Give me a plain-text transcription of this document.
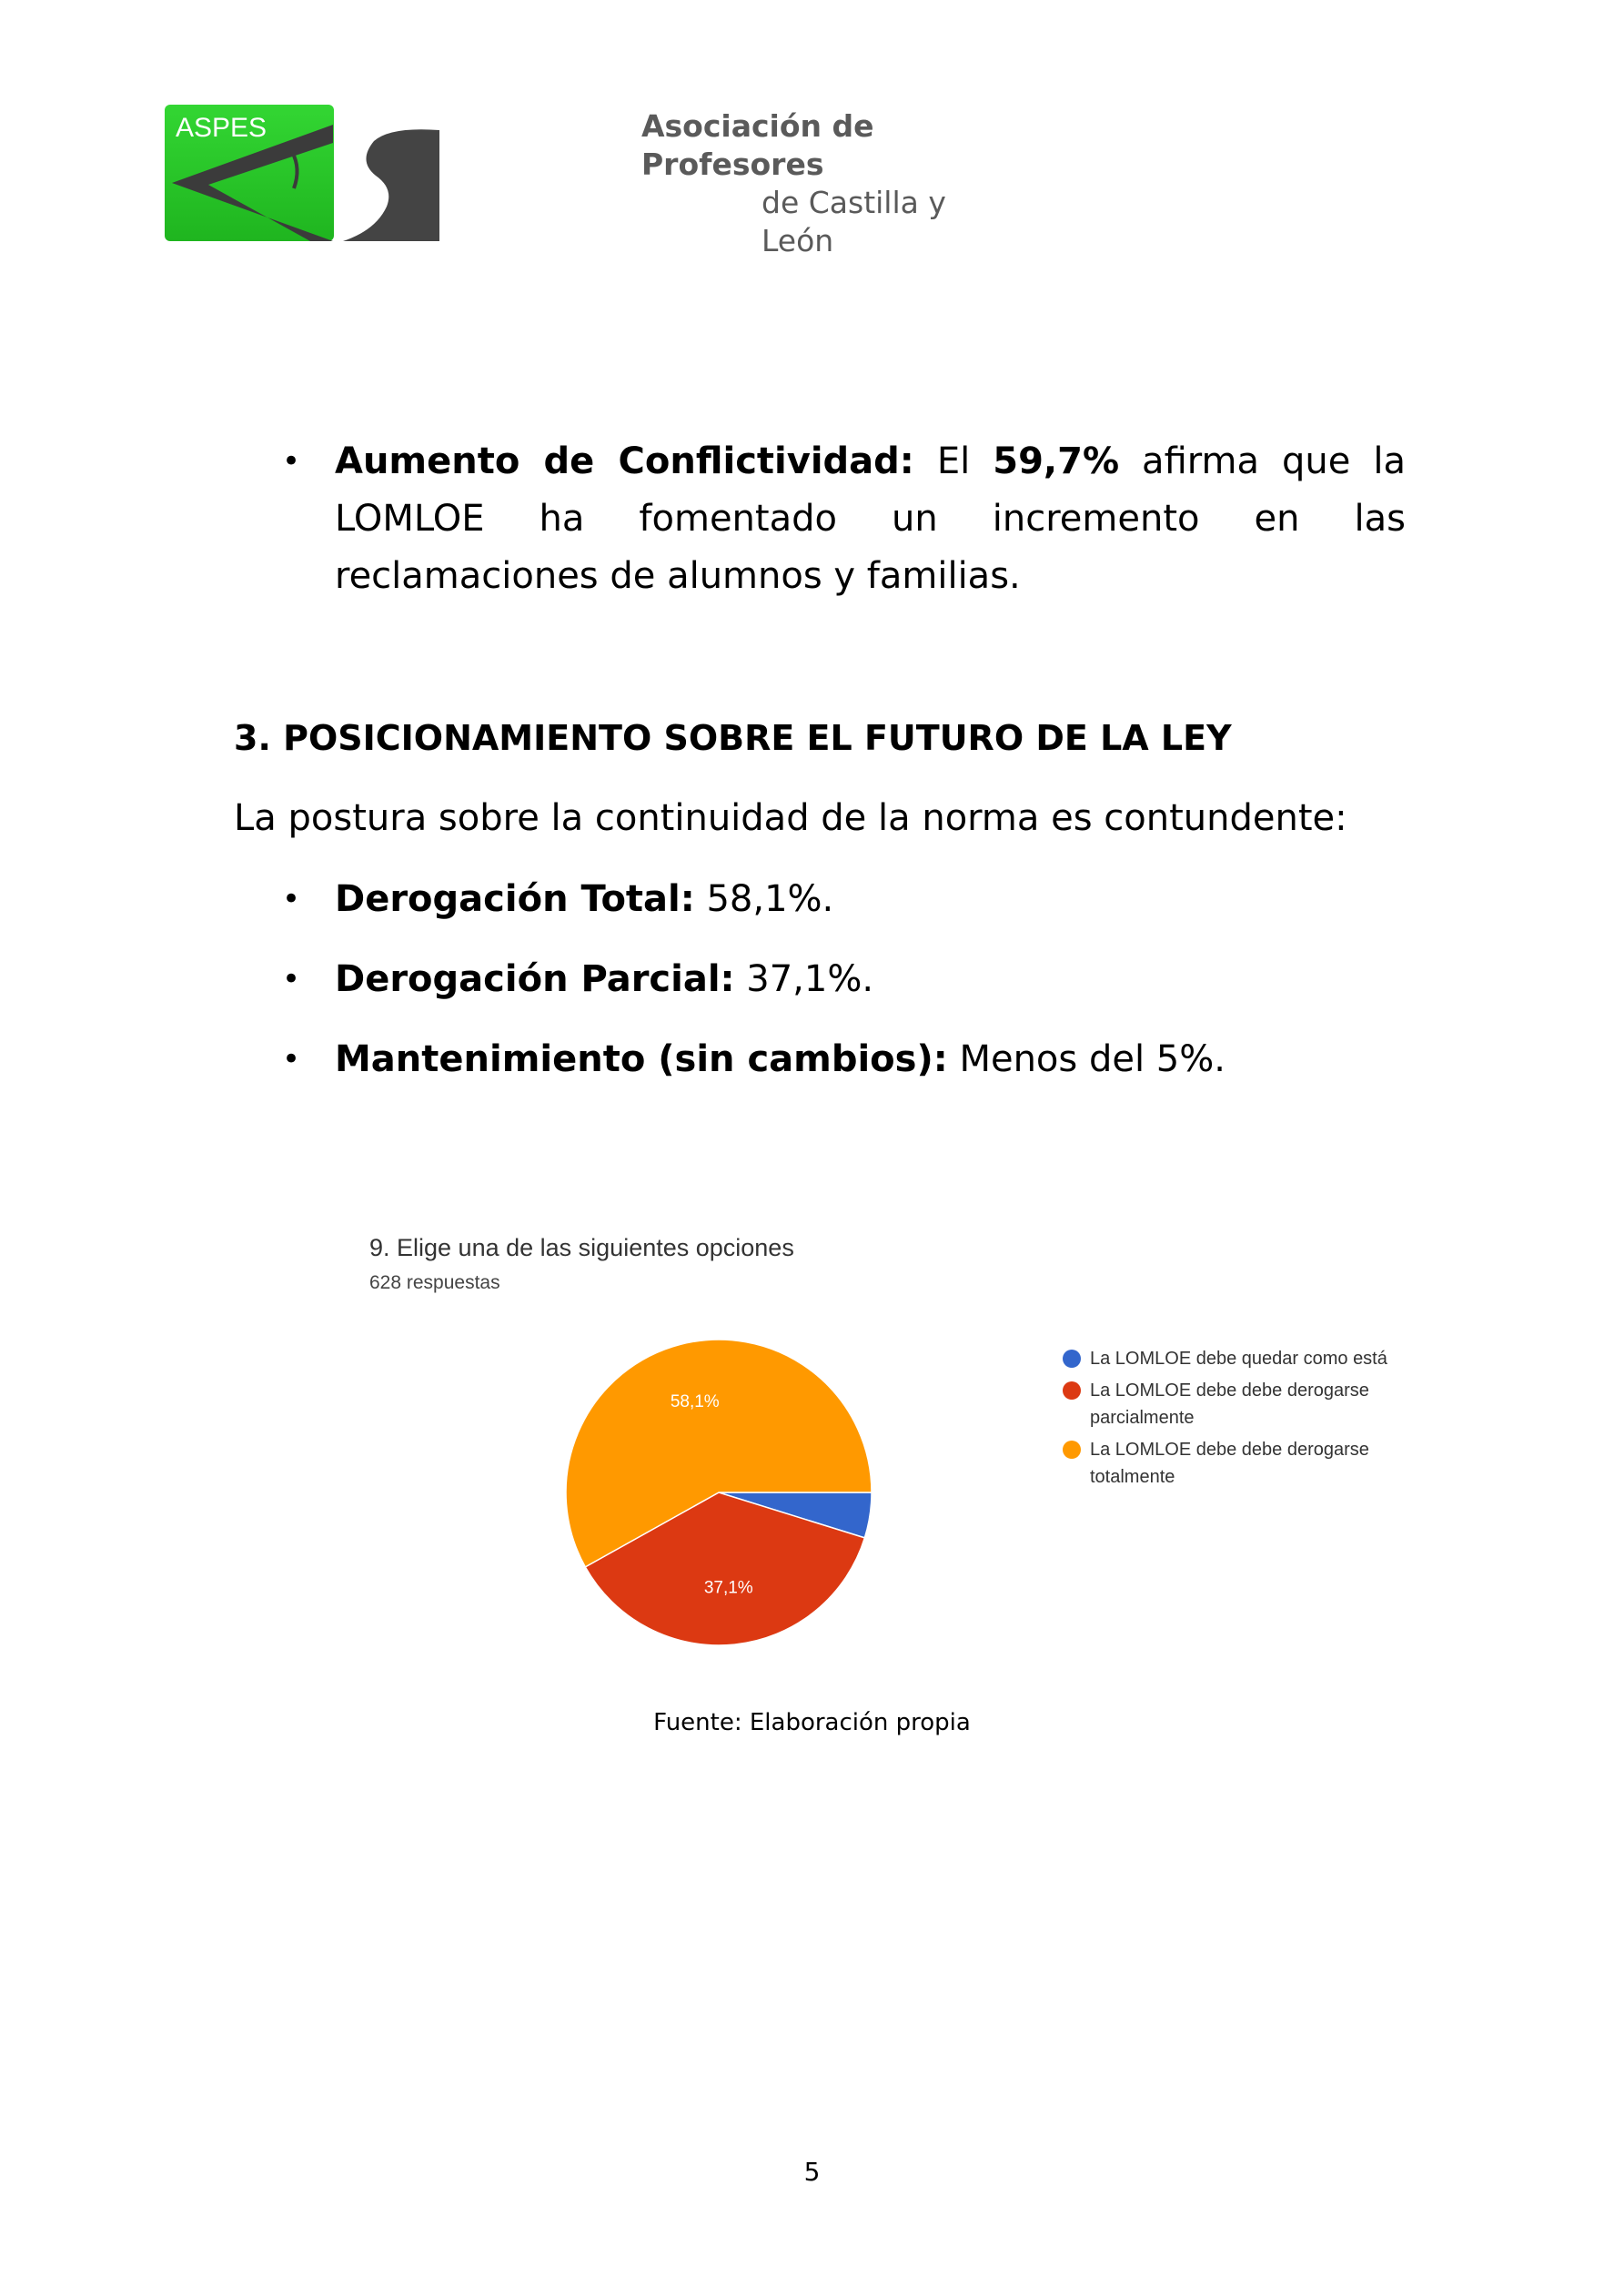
ASPES	Asociación de Profesores
de Castilla y León
• Aumento de Conflictividad: El 59,7% afirma que la LOMLOE ha fomentado un incremento en las reclamaciones de alumnos y familias.
3. POSICIONAMIENTO SOBRE EL FUTURO DE LA LEY
La postura sobre la continuidad de la norma es contundente:
• Derogación Total: 58,1%.
• Derogación Parcial: 37,1%.
• Mantenimiento (sin cambios): Menos del 5%.
9. Elige una de las siguientes opciones
628 respuestas
37,1%
58,1%
La LOMLOE debe quedar como está
La LOMLOE debe debe derogarse parcialmente
La LOMLOE debe debe derogarse totalmente
Fuente: Elaboración propia
5
